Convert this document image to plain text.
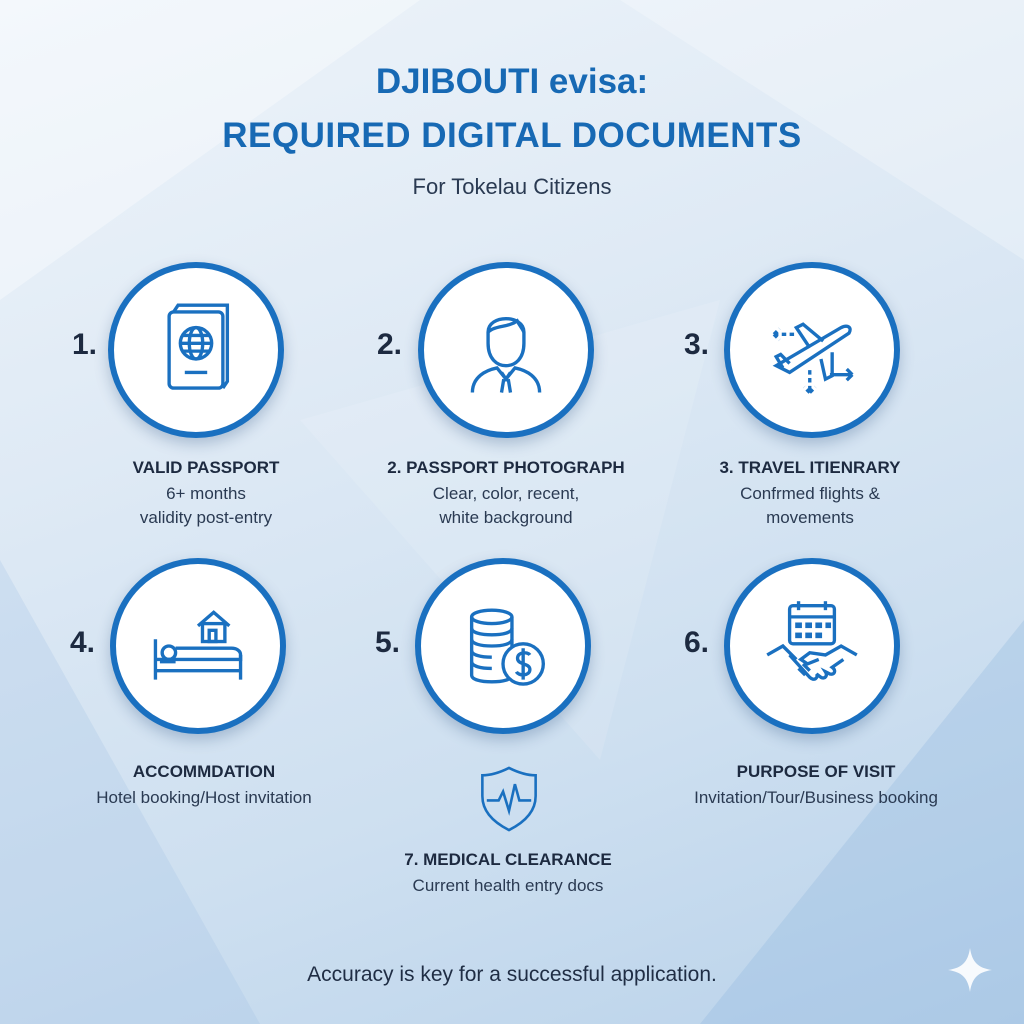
DJIBOUTI evisa:
REQUIRED DIGITAL DOCUMENTS
For Tokelau Citizens
1.
VALID PASSPORT
6+ months
validity post-entry
2.
2. PASSPORT PHOTOGRAPH
Clear, color, recent,
white background
3.
3. TRAVEL ITIENRARY
Confrmed flights &
movements
4.
ACCOMMDATION
Hotel booking/Host invitation
5.	6.
PURPOSE OF VISIT
Invitation/Tour/Business booking
7. MEDICAL CLEARANCE
Current health entry docs
Accuracy is key for a successful application.
